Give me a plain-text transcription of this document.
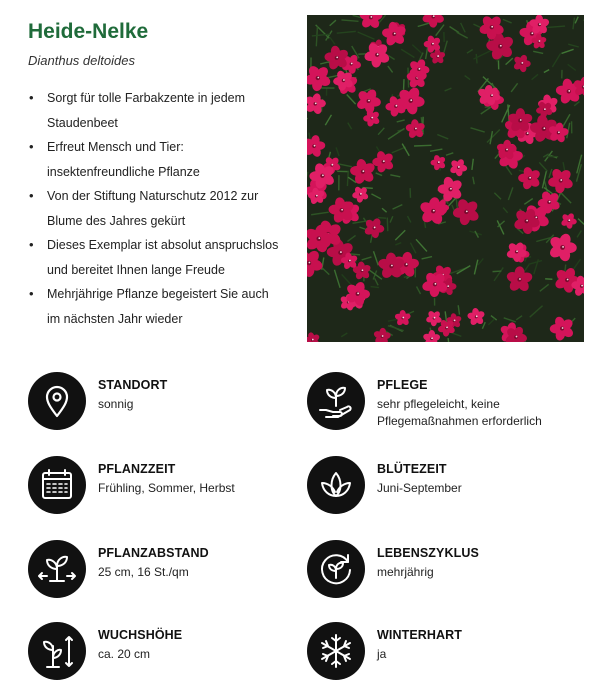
Heide-Nelke
Dianthus deltoides
• Sorgt für tolle Farbakzente in jedem
Staudenbeet
• Erfreut Mensch und Tier:
insektenfreundliche Pflanze
• Von der Stiftung Naturschutz 2012 zur
Blume des Jahres gekürt
• Dieses Exemplar ist absolut anspruchslos
und bereitet Ihnen lange Freude
• Mehrjährige Pflanze begeistert Sie auch
im nächsten Jahr wieder
STANDORT
sonnig
PFLEGE
sehr pflegeleicht, keine Pflegemaßnahmen erforderlich
PFLANZZEIT
Frühling, Sommer, Herbst
BLÜTEZEIT
Juni-September
PFLANZABSTAND
25 cm, 16 St./qm
LEBENSZYKLUS
mehrjährig
WUCHSHÖHE
ca. 20 cm
WINTERHART
ja
